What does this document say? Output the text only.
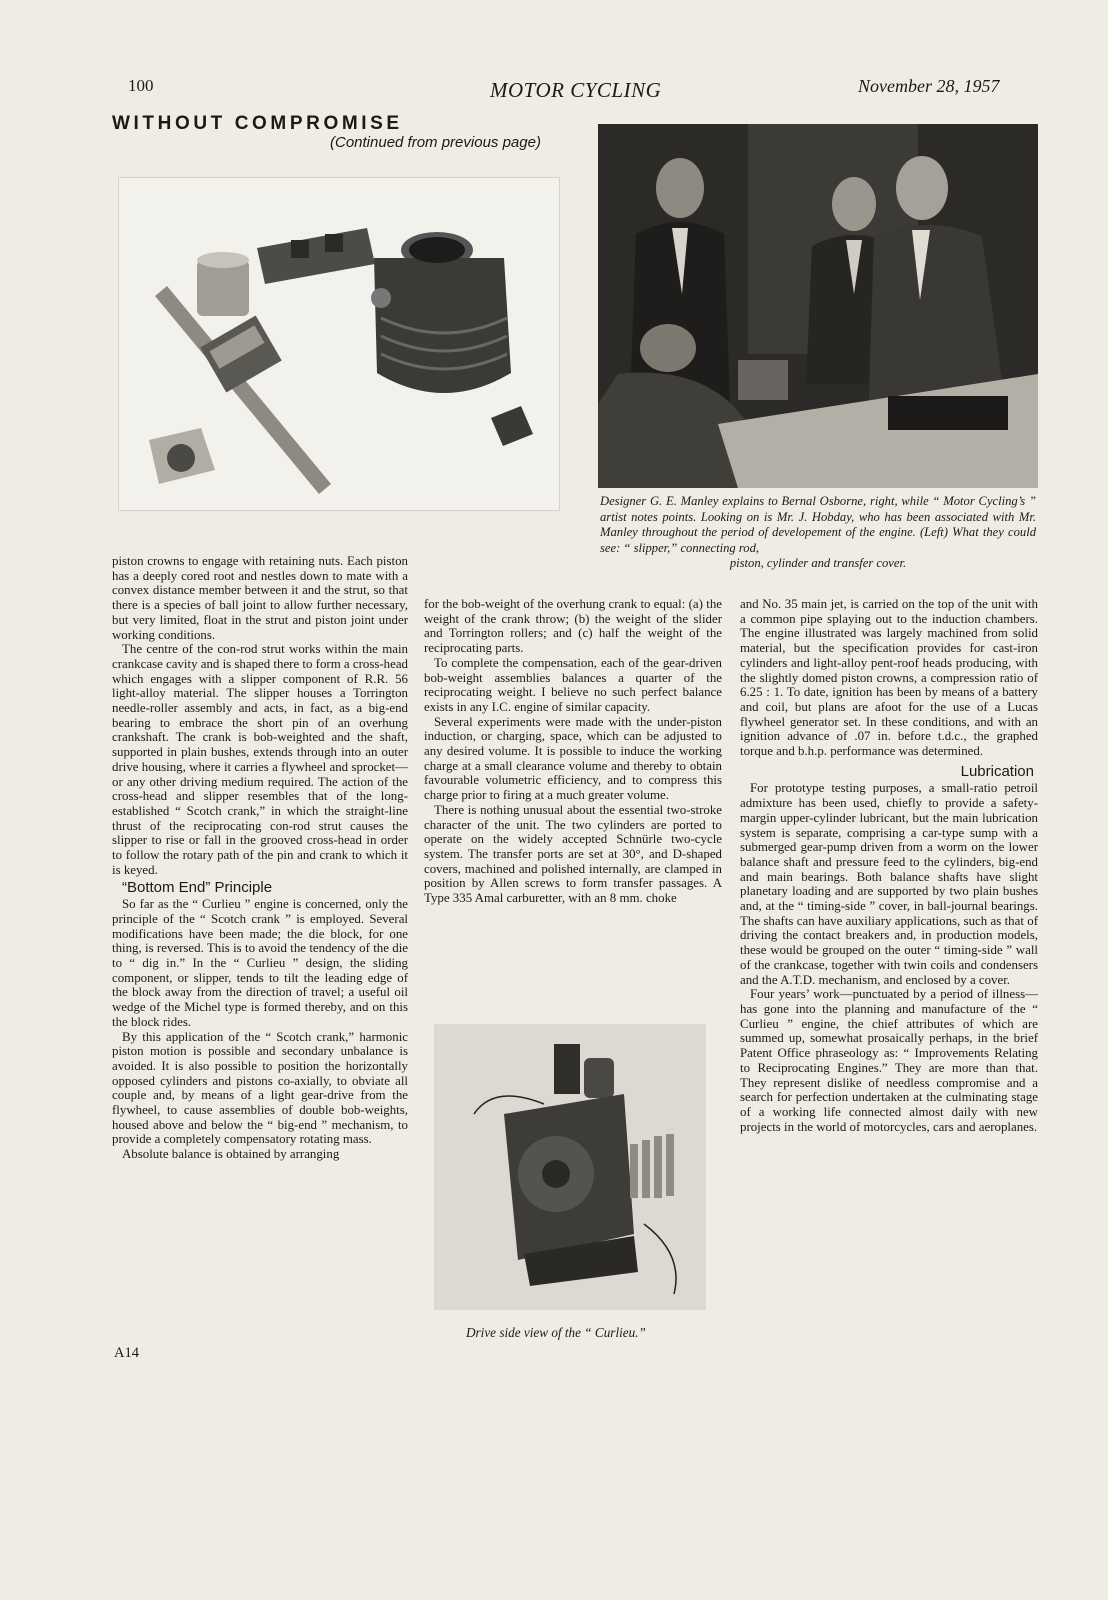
100	MOTOR CYCLING	November 28, 1957
WITHOUT COMPROMISE
(Continued from previous page)

Designer G. E. Manley explains to Bernal Osborne, right, while “ Motor Cycling’s ” artist notes points. Looking on is Mr. J. Hobday, who has been associated with Mr. Manley throughout the period of developement of the engine. (Left) What they could see: “ slipper,” connecting rod,

piston, cylinder and transfer cover.

piston crowns to engage with retaining nuts. Each piston has a deeply cored root and nestles down to mate with a convex distance member between it and the strut, so that there is a species of ball joint to allow further necessary, but very limited, float in the strut and piston joint under working conditions.

The centre of the con-rod strut works within the main crankcase cavity and is shaped there to form a cross-head which engages with a slipper component of R.R. 56 light-alloy material. The slipper houses a Torrington needle-roller assembly and acts, in fact, as a big-end bearing to embrace the short pin of an overhung crankshaft. The crank is bob-weighted and the shaft, supported in plain bushes, extends through into an outer drive housing, where it carries a flywheel and sprocket—or any other driving medium required. The action of the cross-head and slipper resembles that of the long-established “ Scotch crank,” in which the straight-line thrust of the reciprocating con-rod strut causes the slipper to rise or fall in the grooved cross-head in order to follow the rotary path of the pin and crank to which it is keyed.

“Bottom End” Principle

So far as the “ Curlieu ” engine is concerned, only the principle of the “ Scotch crank ” is employed. Several modifications have been made; the die block, for one thing, is reversed. This is to avoid the tendency of the die to “ dig in.” In the “ Curlieu ” design, the sliding component, or slipper, tends to tilt the leading edge of the block away from the direction of travel; a useful oil wedge of the Michel type is formed thereby, and on this the block rides.

By this application of the “ Scotch crank,” harmonic piston motion is possible and secondary unbalance is avoided. It is also possible to position the horizontally opposed cylinders and pistons co-axially, to obviate all couple and, by means of a light gear-drive from the flywheel, to cause assemblies of double bob-weights, housed above and below the “ big-end ” mechanism, to provide a completely compensatory rotating mass.

Absolute balance is obtained by arranging

for the bob-weight of the overhung crank to equal: (a) the weight of the crank throw; (b) the weight of the slider and Torrington rollers; and (c) half the weight of the reciprocating parts.

To complete the compensation, each of the gear-driven bob-weight assemblies balances a quarter of the reciprocating weight. I believe no such perfect balance exists in any I.C. engine of similar capacity.

Several experiments were made with the under-piston induction, or charging, space, which can be adjusted to any desired volume. It is possible to induce the working charge at a small clearance volume and thereby to obtain favourable volumetric efficiency, and to compress this charge prior to firing at a much greater volume.

There is nothing unusual about the essential two-stroke character of the unit. The two cylinders are ported to operate on the widely accepted Schnürle two-cycle system. The transfer ports are set at 30°, and D-shaped covers, machined and polished internally, are clamped in position by Allen screws to form transfer passages. A Type 335 Amal carburetter, with an 8 mm. choke

Drive side view of the “ Curlieu.”

and No. 35 main jet, is carried on the top of the unit with a common pipe splaying out to the induction chambers. The engine illustrated was largely machined from solid material, but the specification provides for cast-iron cylinders and light-alloy pent-roof heads producing, with the slightly domed piston crowns, a compression ratio of 6.25 : 1. To date, ignition has been by means of a battery and coil, but plans are afoot for the use of a Lucas flywheel generator set. In these conditions, and with an ignition advance of .07 in. before t.d.c., the graphed torque and b.h.p. performance was determined.

Lubrication

For prototype testing purposes, a small-ratio petroil admixture has been used, chiefly to provide a safety-margin upper-cylinder lubricant, but the main lubrication system is separate, comprising a car-type sump with a submerged gear-pump driven from a worm on the lower balance shaft and pressure feed to the cylinders, big-end and main bearings. Both balance shafts have slight planetary loading and are supported by two plain bushes and, at the “ timing-side ” cover, in ball-journal bearings. The shafts can have auxiliary applications, such as that of driving the contact breakers and, in production models, these would be grouped on the outer “ timing-side ” wall of the crankcase, together with twin coils and condensers and the A.T.D. mechanism, and enclosed by a cover.

Four years’ work—punctuated by a period of illness—has gone into the planning and manufacture of the “ Curlieu ” engine, the chief attributes of which are summed up, somewhat prosaically perhaps, in the brief Patent Office phraseology as: “ Improvements Relating to Reciprocating Engines.” They are more than that. They represent dislike of needless compromise and a search for perfection undertaken at the culminating stage of a working life connected almost daily with new projects in the world of motorcycles, cars and aeroplanes.

A14
